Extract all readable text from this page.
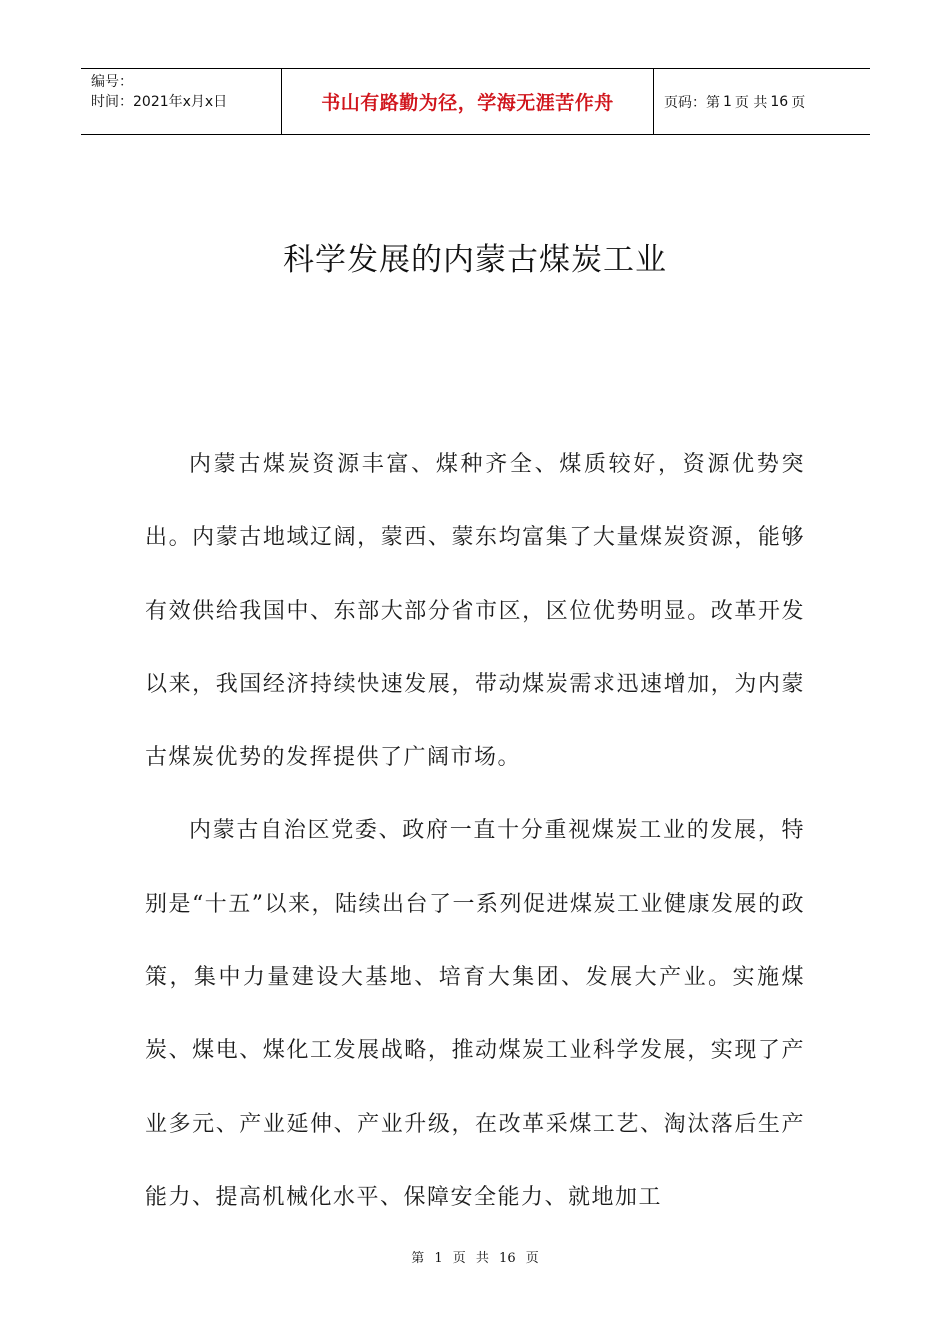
编号：
时间：2021年x月x日	书山有路勤为径，学海无涯苦作舟	页码：第 1 页 共 16 页
科学发展的内蒙古煤炭工业

内蒙古煤炭资源丰富、煤种齐全、煤质较好，资源优势突出。内蒙古地域辽阔，蒙西、蒙东均富集了大量煤炭资源，能够有效供给我国中、东部大部分省市区，区位优势明显。改革开发以来，我国经济持续快速发展，带动煤炭需求迅速增加，为内蒙古煤炭优势的发挥提供了广阔市场。

内蒙古自治区党委、政府一直十分重视煤炭工业的发展，特别是“十五”以来，陆续出台了一系列促进煤炭工业健康发展的政策，集中力量建设大基地、培育大集团、发展大产业。实施煤炭、煤电、煤化工发展战略，推动煤炭工业科学发展，实现了产业多元、产业延伸、产业升级，在改革采煤工艺、淘汰落后生产能力、提高机械化水平、保障安全能力、就地加工

第 1 页 共 16 页
